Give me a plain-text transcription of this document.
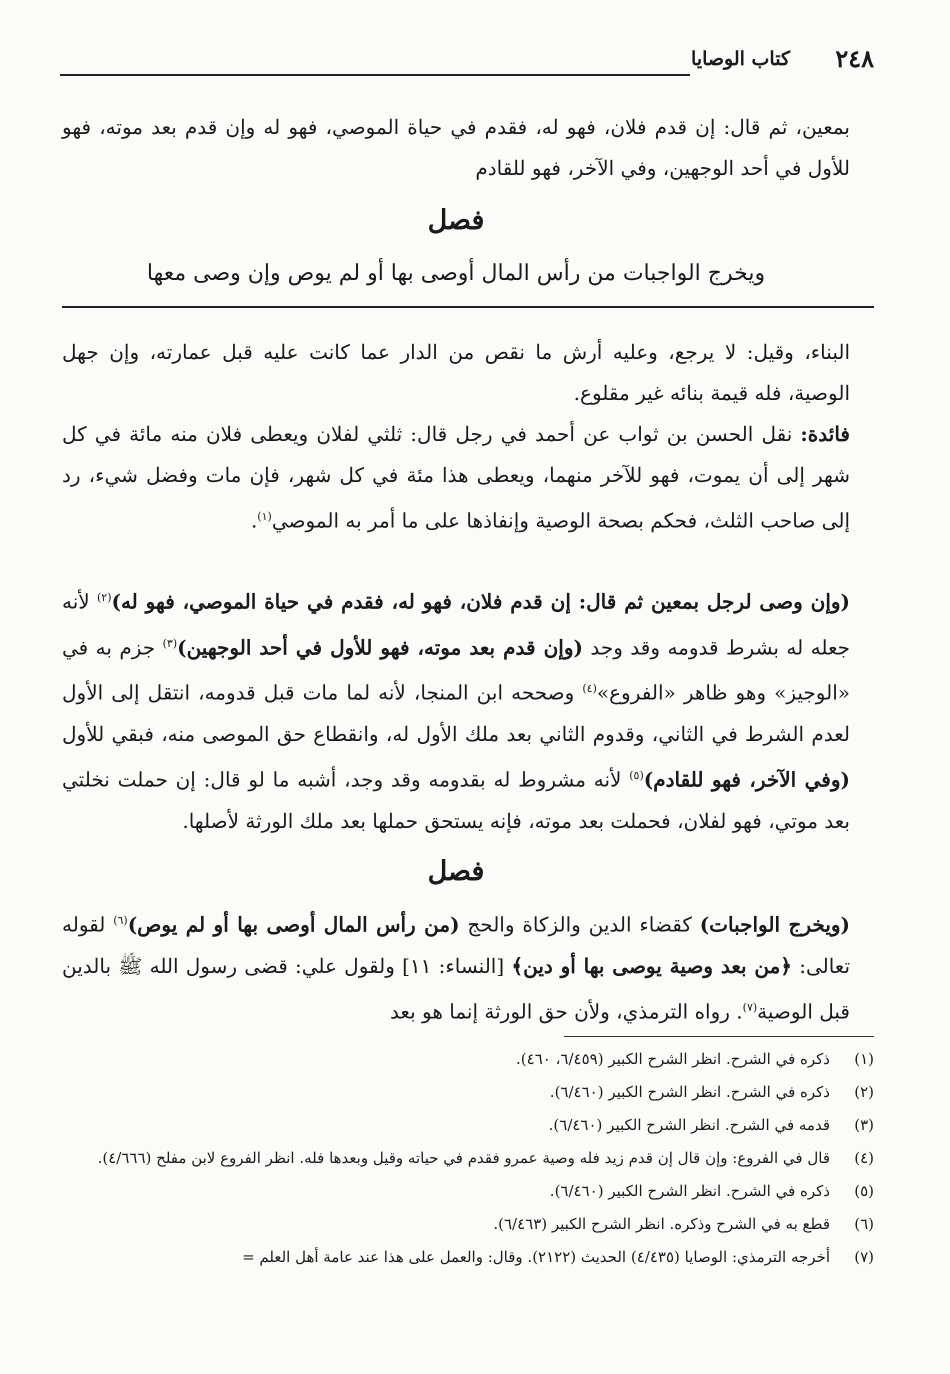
٢٤٨
كتاب الوصايا
بمعين، ثم قال: إن قدم فلان، فهو له، فقدم في حياة الموصي، فهو له وإن قدم بعد موته، فهو للأول في أحد الوجهين، وفي الآخر، فهو للقادم
فصل
ويخرج الواجبات من رأس المال أوصى بها أو لم يوص وإن وصى معها
البناء، وقيل: لا يرجع، وعليه أرش ما نقص من الدار عما كانت عليه قبل عمارته، وإن جهل الوصية، فله قيمة بنائه غير مقلوع.
فائدة: نقل الحسن بن ثواب عن أحمد في رجل قال: ثلثي لفلان ويعطى فلان منه مائة في كل شهر إلى أن يموت، فهو للآخر منهما، ويعطى هذا مئة في كل شهر، فإن مات وفضل شيء، رد إلى صاحب الثلث، فحكم بصحة الوصية وإنفاذها على ما أمر به الموصي$^{(١)}$.
(وإن وصى لرجل بمعين ثم قال: إن قدم فلان، فهو له، فقدم في حياة الموصي، فهو له)$^{(٢)}$ لأنه جعله له بشرط قدومه وقد وجد (وإن قدم بعد موته، فهو للأول في أحد الوجهين)$^{(٣)}$ جزم به في «الوجيز» وهو ظاهر «الفروع»$^{(٤)}$ وصححه ابن المنجا، لأنه لما مات قبل قدومه، انتقل إلى الأول لعدم الشرط في الثاني، وقدوم الثاني بعد ملك الأول له، وانقطاع حق الموصى منه، فبقي للأول (وفي الآخر، فهو للقادم)$^{(٥)}$ لأنه مشروط له بقدومه وقد وجد، أشبه ما لو قال: إن حملت نخلتي بعد موتي، فهو لفلان، فحملت بعد موته، فإنه يستحق حملها بعد ملك الورثة لأصلها.
فصل
(ويخرج الواجبات) كقضاء الدين والزكاة والحج (من رأس المال أوصى بها أو لم يوص)$^{(٦)}$ لقوله تعالى: ﴿من بعد وصية يوصى بها أو دين﴾ [النساء: ١١] ولقول علي: قضى رسول الله ﷺ بالدين قبل الوصية$^{(٧)}$. رواه الترمذي، ولأن حق الورثة إنما هو بعد
(١)
ذكره في الشرح. انظر الشرح الكبير (٦/٤٥٩، ٤٦٠).
(٢)
ذكره في الشرح. انظر الشرح الكبير (٦/٤٦٠).
(٣)
قدمه في الشرح. انظر الشرح الكبير (٦/٤٦٠).
(٤)
قال في الفروع: وإن قال إن قدم زيد فله وصية عمرو فقدم في حياته وقيل وبعدها فله. انظر الفروع لابن مفلح (٤/٦٦٦).
(٥)
ذكره في الشرح. انظر الشرح الكبير (٦/٤٦٠).
(٦)
قطع به في الشرح وذكره. انظر الشرح الكبير (٦/٤٦٣).
(٧)
أخرجه الترمذي: الوصايا (٤/٤٣٥) الحديث (٢١٢٢). وقال: والعمل على هذا عند عامة أهل العلم =
